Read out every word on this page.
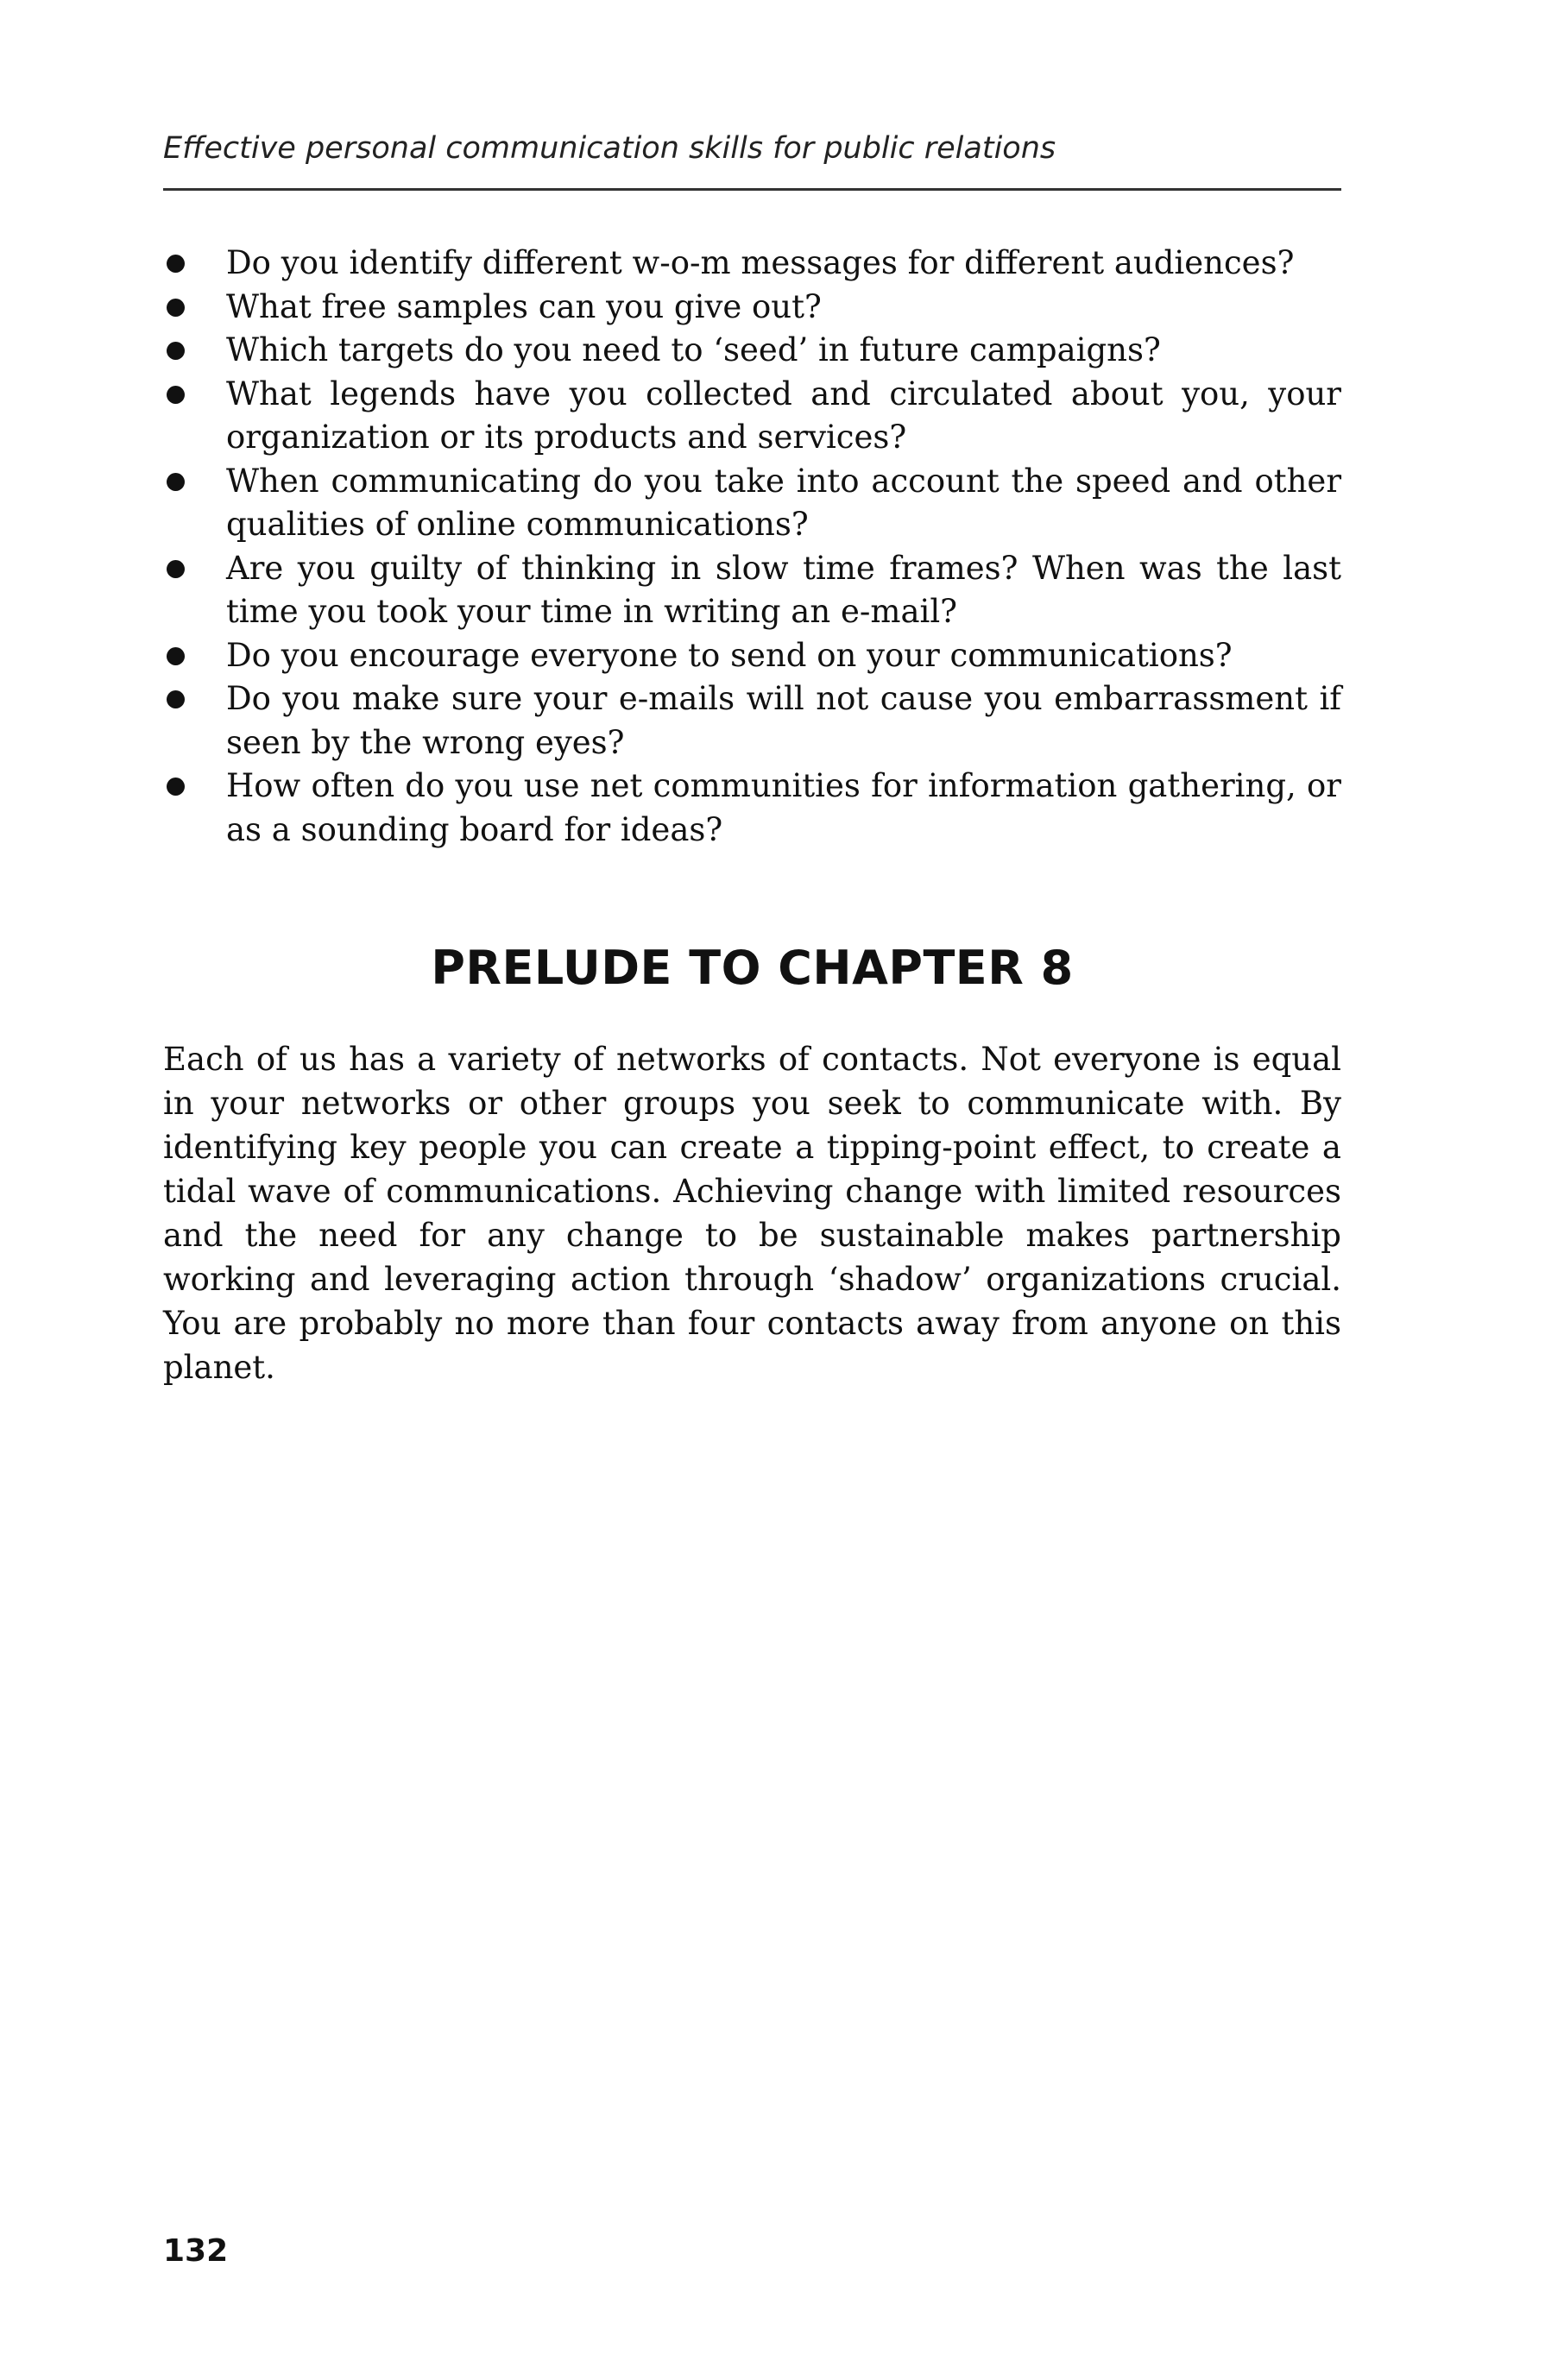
Effective personal communication skills for public relations
Do you identify different w-o-m messages for different audiences?
What free samples can you give out?
Which targets do you need to ‘seed’ in future campaigns?
What legends have you collected and circulated about you, your organization or its products and services?
When communicating do you take into account the speed and other qualities of online communications?
Are you guilty of thinking in slow time frames? When was the last time you took your time in writing an e-mail?
Do you encourage everyone to send on your communications?
Do you make sure your e-mails will not cause you embarrassment if seen by the wrong eyes?
How often do you use net communities for information gathering, or as a sounding board for ideas?
PRELUDE TO CHAPTER 8

Each of us has a variety of networks of contacts. Not everyone is equal in your networks or other groups you seek to communicate with. By identifying key people you can create a tipping-point effect, to create a tidal wave of communications. Achieving change with limited resources and the need for any change to be sustainable makes partnership working and leveraging action through ‘shadow’ organizations crucial. You are probably no more than four contacts away from anyone on this planet.

132
